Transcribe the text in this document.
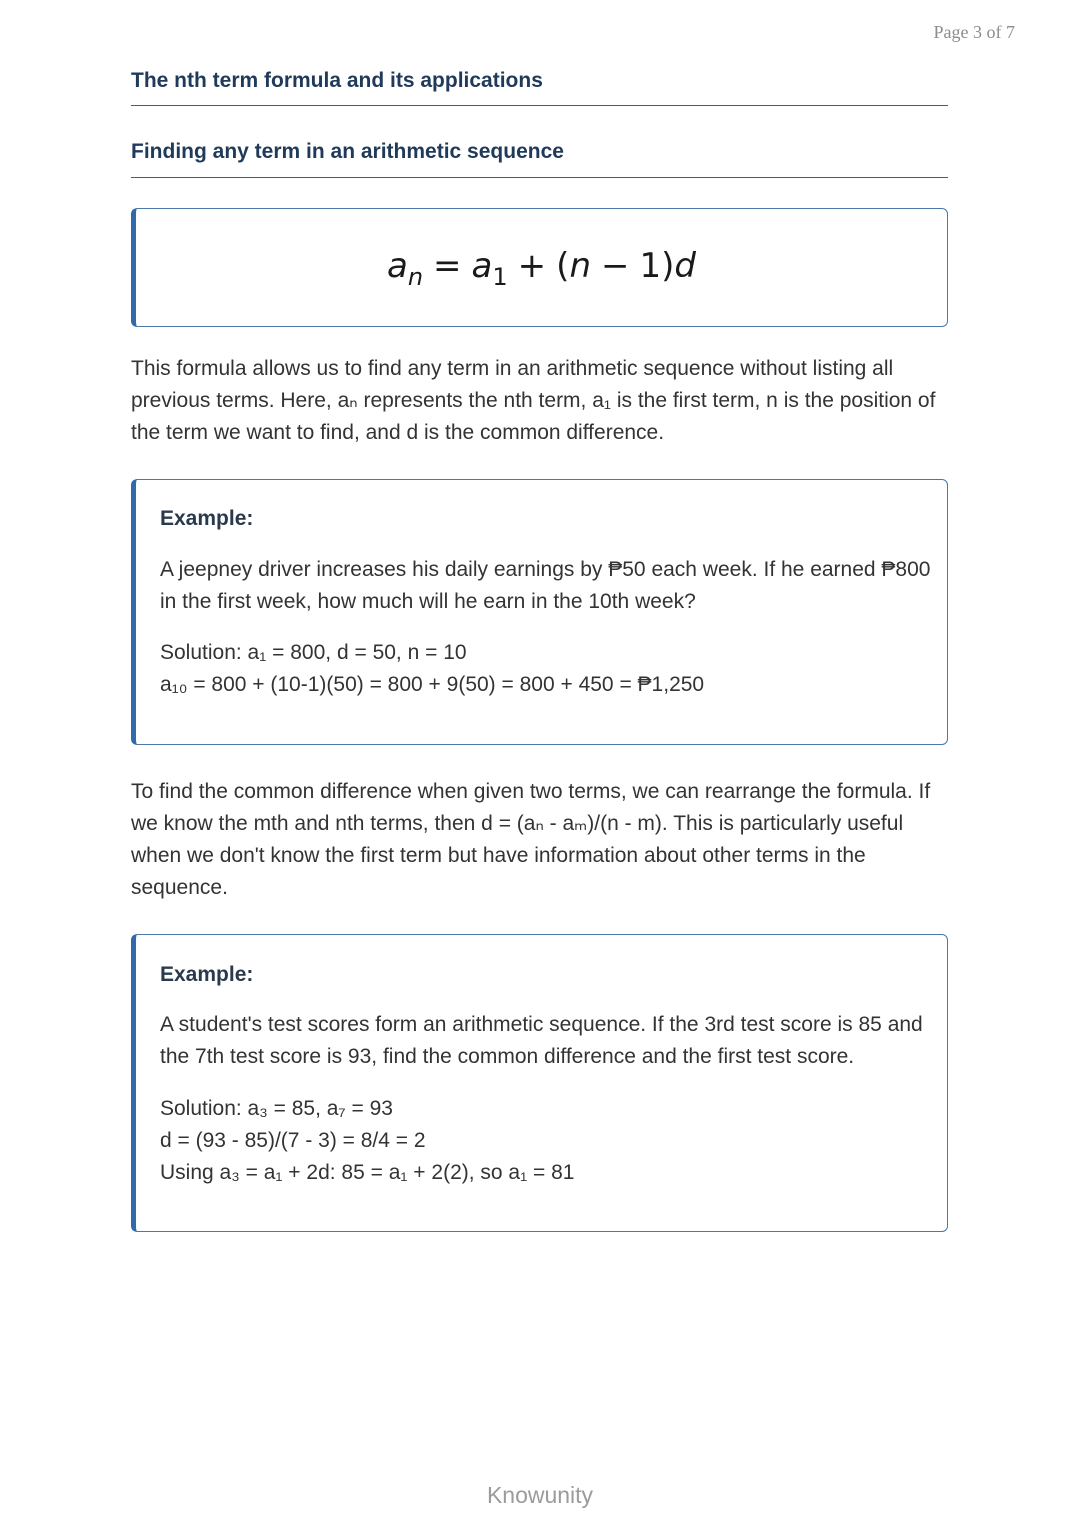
Page 3 of 7
The nth term formula and its applications
Finding any term in an arithmetic sequence
a n = a 1 + ( n − 1 ) d

This formula allows us to find any term in an arithmetic sequence without listing all previous terms. Here, aₙ represents the nth term, a₁ is the first term, n is the position of the term we want to find, and d is the common difference.

Example:
A jeepney driver increases his daily earnings by ₱50 each week. If he earned ₱800 in the first week, how much will he earn in the 10th week?
Solution: a₁ = 800, d = 50, n = 10
a₁₀ = 800 + (10-1)(50) = 800 + 9(50) = 800 + 450 = ₱1,250

To find the common difference when given two terms, we can rearrange the formula. If we know the mth and nth terms, then d = (aₙ - aₘ)/(n - m). This is particularly useful when we don't know the first term but have information about other terms in the sequence.

Example:
A student's test scores form an arithmetic sequence. If the 3rd test score is 85 and the 7th test score is 93, find the common difference and the first test score.
Solution: a₃ = 85, a₇ = 93
d = (93 - 85)/(7 - 3) = 8/4 = 2
Using a₃ = a₁ + 2d: 85 = a₁ + 2(2), so a₁ = 81
Knowunity
